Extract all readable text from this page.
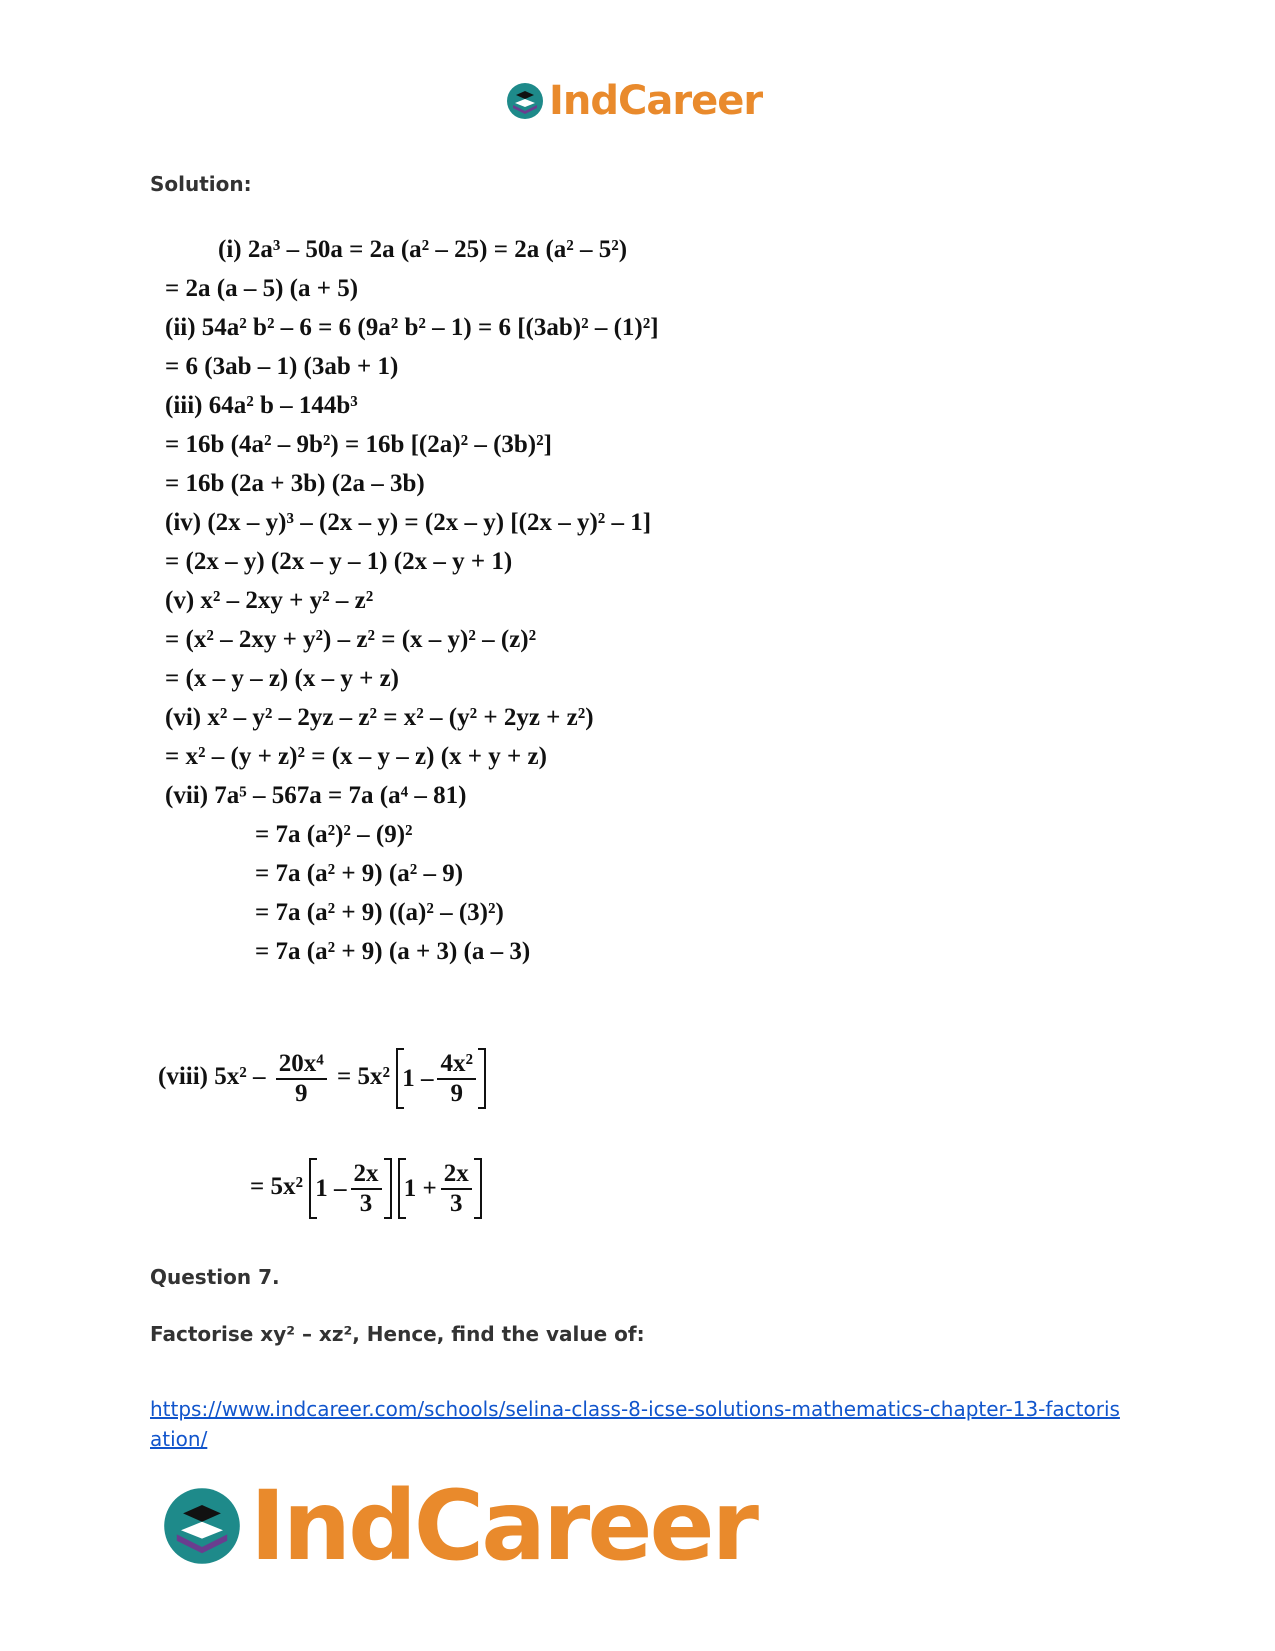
IndCareer
Solution:
(i) 2a³ – 50a = 2a (a² – 25) = 2a (a² – 5²)
= 2a (a – 5) (a + 5)
(ii) 54a² b² – 6 = 6 (9a² b² – 1) = 6 [(3ab)² – (1)²]
= 6 (3ab – 1) (3ab + 1)
(iii) 64a² b – 144b³
= 16b (4a² – 9b²) = 16b [(2a)² – (3b)²]
= 16b (2a + 3b) (2a – 3b)
(iv) (2x – y)³ – (2x – y) = (2x – y) [(2x – y)² – 1]
= (2x – y) (2x – y – 1) (2x – y + 1)
(v) x² – 2xy + y² – z²
= (x² – 2xy + y²) – z² = (x – y)² – (z)²
= (x – y – z) (x – y + z)
(vi) x² – y² – 2yz – z² = x² – (y² + 2yz + z²)
= x² – (y + z)² = (x – y – z) (x + y + z)
(vii) 7a⁵ – 567a = 7a (a⁴ – 81)
= 7a (a²)² – (9)²
= 7a (a² + 9) (a² – 9)
= 7a (a² + 9) ((a)² – (3)²)
= 7a (a² + 9) (a + 3) (a – 3)
(viii) $5x^2 - \frac{\text{20x⁴}}{9} = 5x^2$ $1 - \frac{\text{4x²}}{9}$
= 5x² $1 - \frac{2x}{3}$
$1 + \frac{2x}{3}$
Question 7.
Factorise xy² – xz², Hence, find the value of:
https://www.indcareer.com/schools/selina-class-8-icse-solutions-mathematics-chapter-13-factorisation/
IndCareer
